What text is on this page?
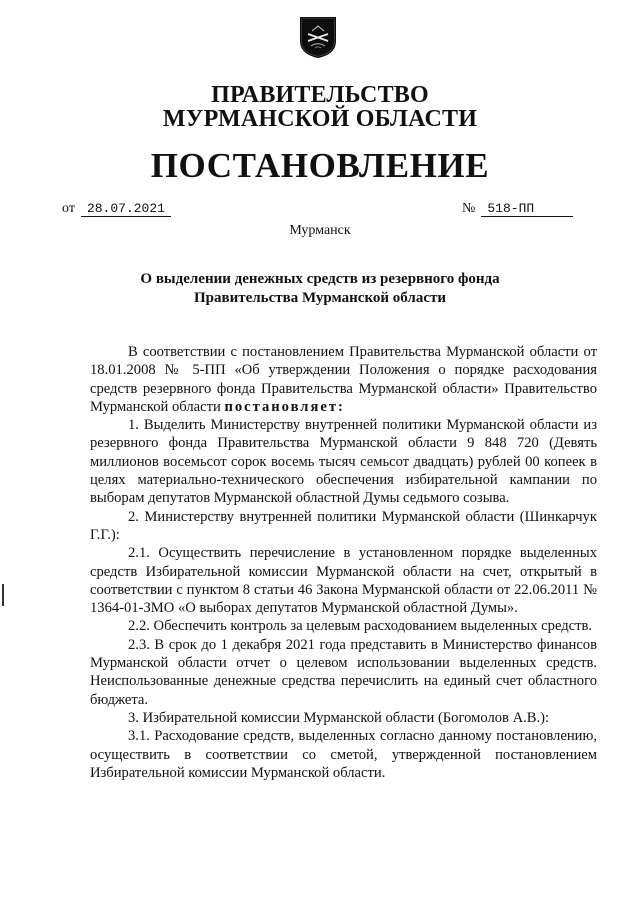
ПРАВИТЕЛЬСТВО
МУРМАНСКОЙ ОБЛАСТИ
ПОСТАНОВЛЕНИЕ
от 28.07.2021	№ 518-ПП
Мурманск
О выделении денежных средств из резервного фонда
Правительства Мурманской области

В соответствии с постановлением Правительства Мурманской области от 18.01.2008 № 5-ПП «Об утверждении Положения о порядке расходования средств резервного фонда Правительства Мурманской области» Правительство Мурманской области постановляет:

1. Выделить Министерству внутренней политики Мурманской области из резервного фонда Правительства Мурманской области 9 848 720 (Девять миллионов восемьсот сорок восемь тысяч семьсот двадцать) рублей 00 копеек в целях материально-технического обеспечения избирательной кампании по выборам депутатов Мурманской областной Думы седьмого созыва.

2. Министерству внутренней политики Мурманской области (Шинкарчук Г.Г.):

2.1. Осуществить перечисление в установленном порядке выделенных средств Избирательной комиссии Мурманской области на счет, открытый в соответствии с пунктом 8 статьи 46 Закона Мурманской области от 22.06.2011 № 1364-01-ЗМО «О выборах депутатов Мурманской областной Думы».

2.2. Обеспечить контроль за целевым расходованием выделенных средств.

2.3. В срок до 1 декабря 2021 года представить в Министерство финансов Мурманской области отчет о целевом использовании выделенных средств. Неиспользованные денежные средства перечислить на единый счет областного бюджета.

3. Избирательной комиссии Мурманской области (Богомолов А.В.):

3.1. Расходование средств, выделенных согласно данному постановлению, осуществить в соответствии со сметой, утвержденной постановлением Избирательной комиссии Мурманской области.
